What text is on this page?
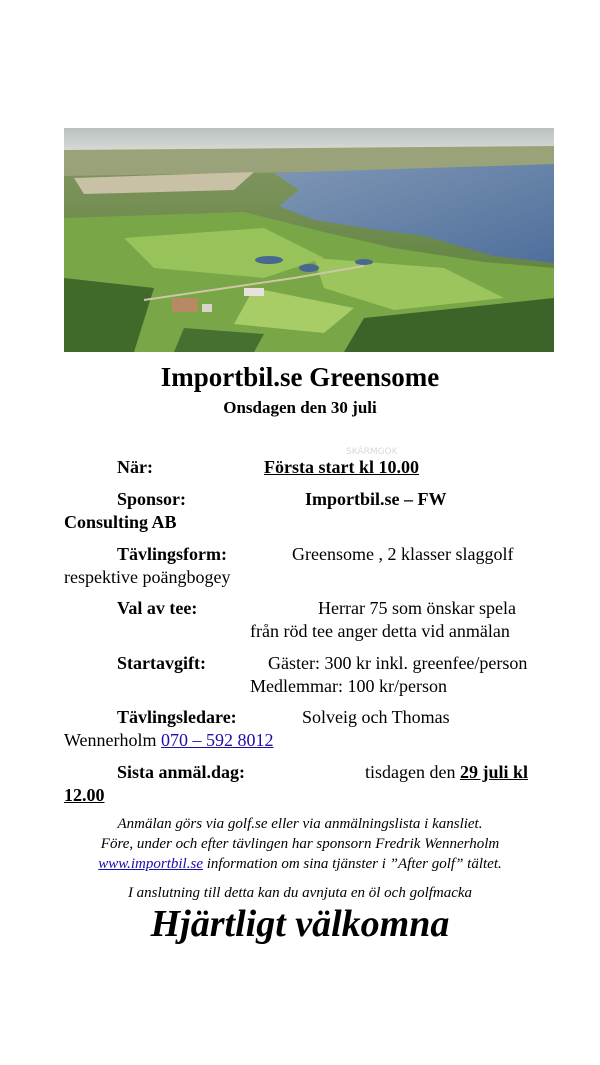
Importbil.se Greensome
Onsdagen den 30 juli
SKÄRMGOK
När:	Första start kl 10.00
Sponsor:	Importbil.se – FW
Consulting AB
Tävlingsform:	Greensome , 2 klasser slaggolf
respektive poängbogey
Val av tee:	Herrar 75 som önskar spela
från röd tee anger detta vid anmälan
Startavgift:	Gäster: 300 kr inkl. greenfee/person
Medlemmar: 100 kr/person
Tävlingsledare:	Solveig och Thomas
Wennerholm 070 – 592 8012
Sista anmäl.dag:	tisdagen den 29 juli kl
12.00
Anmälan görs via golf.se eller via anmälningslista i kansliet.
Före, under och efter tävlingen har sponsorn Fredrik Wennerholm
www.importbil.se information om sina tjänster i ”After golf” tältet.
I anslutning till detta kan du avnjuta en öl och golfmacka
Hjärtligt välkomna
